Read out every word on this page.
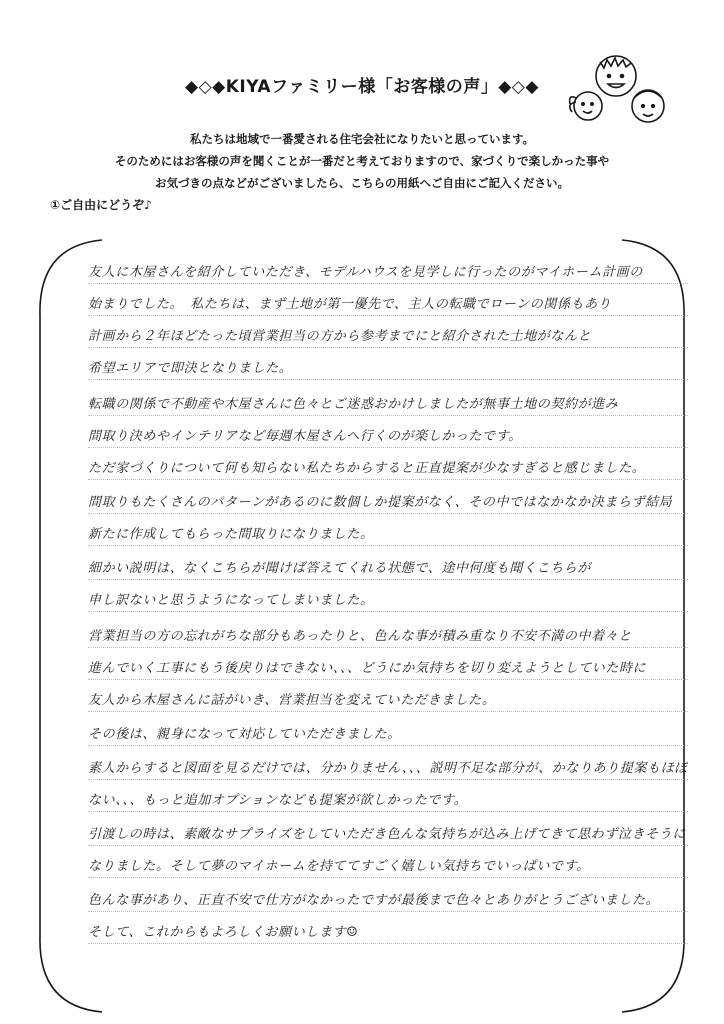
◆◇◆KIYAファミリー様「お客様の声」◆◇◆
私たちは地域で一番愛される住宅会社になりたいと思っています。
そのためにはお客様の声を聞くことが一番だと考えておりますので、家づくりで楽しかった事や
お気づきの点などがございましたら、こちらの用紙へご自由にご記入ください。
①ご自由にどうぞ♪
友人に木屋さんを紹介していただき、モデルハウスを見学しに行ったのがマイホーム計画の
始まりでした。　私たちは、まず土地が第一優先で、主人の転職でローンの関係もあり
計画から２年ほどたった頃営業担当の方から参考までにと紹介された土地がなんと
希望エリアで即決となりました。
転職の関係で不動産や木屋さんに色々とご迷惑おかけしましたが無事土地の契約が進み
間取り決めやインテリアなど毎週木屋さんへ行くのが楽しかったです。
ただ家づくりについて何も知らない私たちからすると正直提案が少なすぎると感じました。
間取りもたくさんのパターンがあるのに数個しか提案がなく、その中ではなかなか決まらず結局
新たに作成してもらった間取りになりました。
細かい説明は、なくこちらが聞けば答えてくれる状態で、途中何度も聞くこちらが
申し訳ないと思うようになってしまいました。
営業担当の方の忘れがちな部分もあったりと、色んな事が積み重なり不安不満の中着々と
進んでいく工事にもう後戻りはできない、、、どうにか気持ちを切り変えようとしていた時に
友人から木屋さんに話がいき、営業担当を変えていただきました。
その後は、親身になって対応していただきました。
素人からすると図面を見るだけでは、分かりません、、、説明不足な部分が、かなりあり提案もほぼ
ない、、、もっと追加オプションなども提案が欲しかったです。
引渡しの時は、素敵なサプライズをしていただき色んな気持ちが込み上げてきて思わず泣きそうに
なりました。そして夢のマイホームを持ててすごく嬉しい気持ちでいっぱいです。
色んな事があり、正直不安で仕方がなかったですが最後まで色々とありがとうございました。
そして、これからもよろしくお願いします☺
